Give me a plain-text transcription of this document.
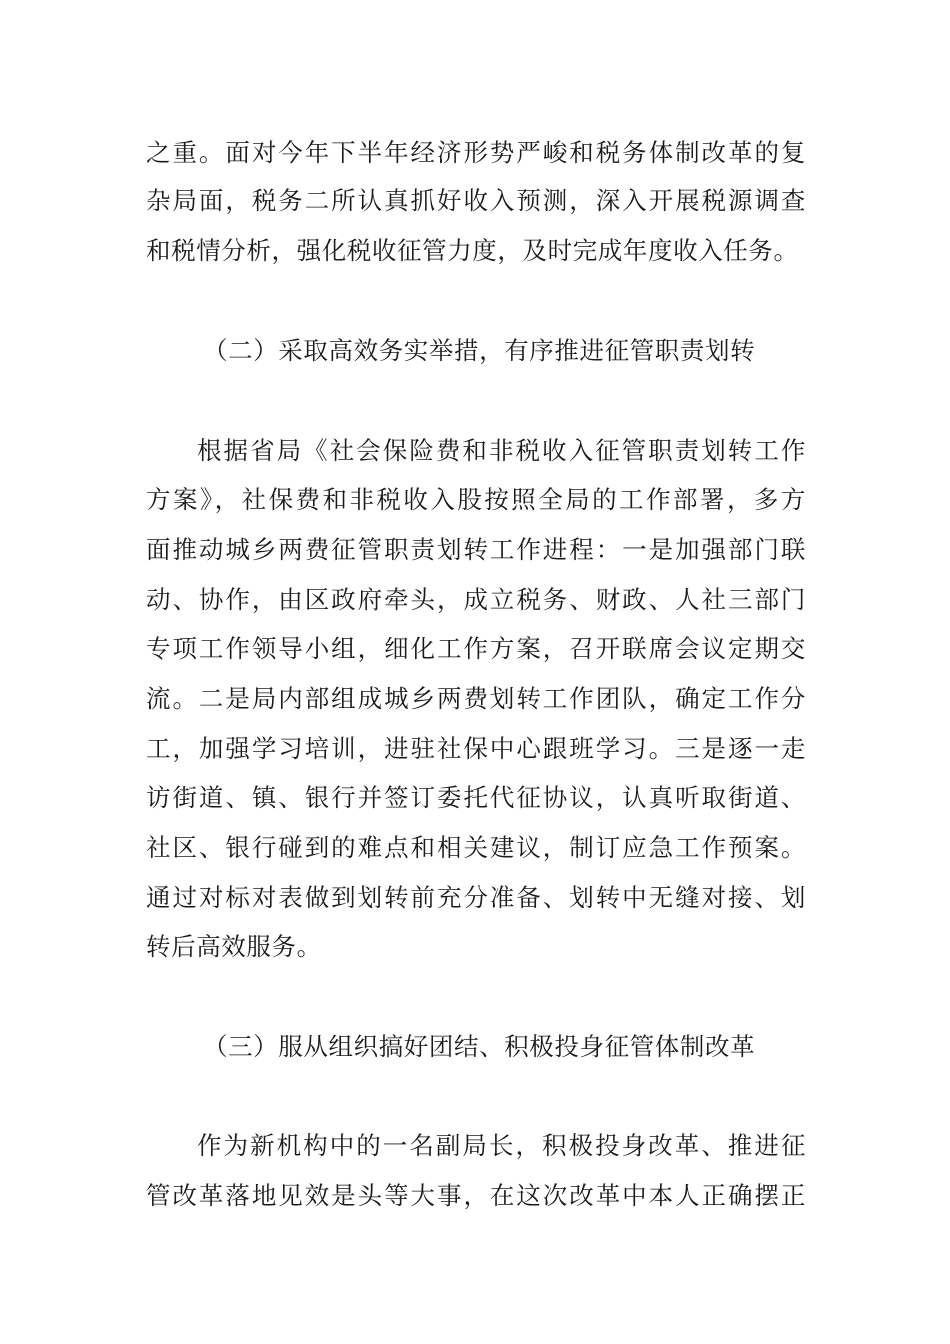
之重。面对今年下半年经济形势严峻和税务体制改革的复
杂局面，税务二所认真抓好收入预测，深入开展税源调查
和税情分析，强化税收征管力度，及时完成年度收入任务。
（二）采取高效务实举措，有序推进征管职责划转
根据省局《社会保险费和非税收入征管职责划转工作
方案》，社保费和非税收入股按照全局的工作部署，多方
面推动城乡两费征管职责划转工作进程：一是加强部门联
动、协作，由区政府牵头，成立税务、财政、人社三部门
专项工作领导小组，细化工作方案，召开联席会议定期交
流。二是局内部组成城乡两费划转工作团队，确定工作分
工，加强学习培训，进驻社保中心跟班学习。三是逐一走
访街道、镇、银行并签订委托代征协议，认真听取街道、
社区、银行碰到的难点和相关建议，制订应急工作预案。
通过对标对表做到划转前充分准备、划转中无缝对接、划
转后高效服务。
（三）服从组织搞好团结、积极投身征管体制改革
作为新机构中的一名副局长，积极投身改革、推进征
管改革落地见效是头等大事，在这次改革中本人正确摆正
